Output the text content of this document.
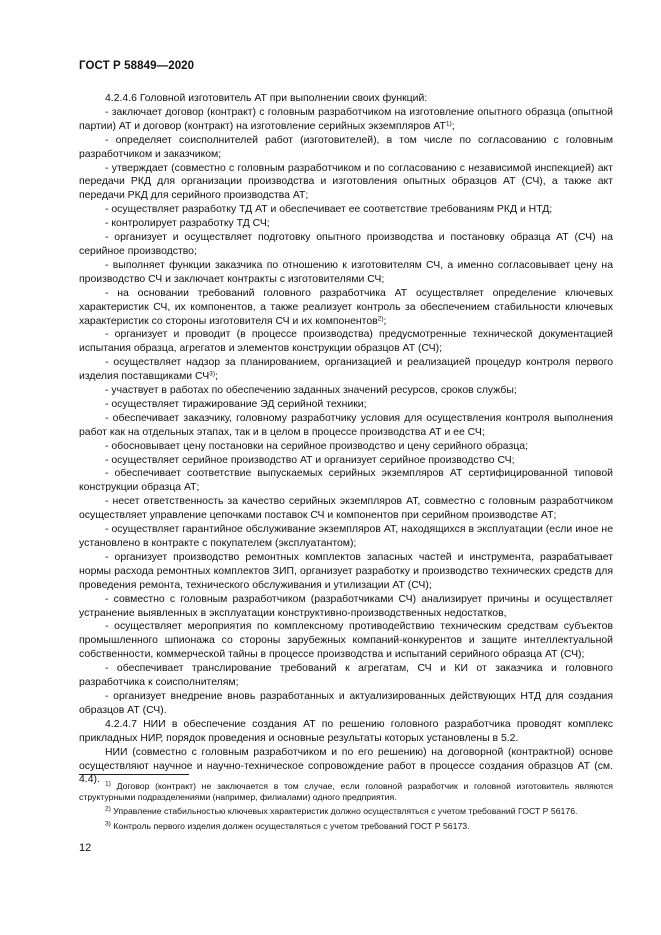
ГОСТ Р 58849—2020

4.2.4.6 Головной изготовитель АТ при выполнении своих функций:

- заключает договор (контракт) с головным разработчиком на изготовление опытного образца (опытной партии) АТ и договор (контракт) на изготовление серийных экземпляров АТ$^{1)}$;

- определяет соисполнителей работ (изготовителей), в том числе по согласованию с головным разработчиком и заказчиком;

- утверждает (совместно с головным разработчиком и по согласованию с независимой инспекцией) акт передачи РКД для организации производства и изготовления опытных образцов АТ (СЧ), а также акт передачи РКД для серийного производства АТ;

- осуществляет разработку ТД АТ и обеспечивает ее соответствие требованиям РКД и НТД;

- контролирует разработку ТД СЧ;

- организует и осуществляет подготовку опытного производства и постановку образца АТ (СЧ) на серийное производство;

- выполняет функции заказчика по отношению к изготовителям СЧ, а именно согласовывает цену на производство СЧ и заключает контракты с изготовителями СЧ;

- на основании требований головного разработчика АТ осуществляет определение ключевых характеристик СЧ, их компонентов, а также реализует контроль за обеспечением стабильности ключевых характеристик со стороны изготовителя СЧ и их компонентов$^{2)}$;

- организует и проводит (в процессе производства) предусмотренные технической документацией испытания образца, агрегатов и элементов конструкции образцов АТ (СЧ);

- осуществляет надзор за планированием, организацией и реализацией процедур контроля первого изделия поставщиками СЧ$^{3)}$;

- участвует в работах по обеспечению заданных значений ресурсов, сроков службы;

- осуществляет тиражирование ЭД серийной техники;

- обеспечивает заказчику, головному разработчику условия для осуществления контроля выполнения работ как на отдельных этапах, так и в целом в процессе производства АТ и ее СЧ;

- обосновывает цену постановки на серийное производство и цену серийного образца;

- осуществляет серийное производство АТ и организует серийное производство СЧ;

- обеспечивает соответствие выпускаемых серийных экземпляров АТ сертифицированной типовой конструкции образца АТ;

- несет ответственность за качество серийных экземпляров АТ, совместно с головным разработчиком осуществляет управление цепочками поставок СЧ и компонентов при серийном производстве АТ;

- осуществляет гарантийное обслуживание экземпляров АТ, находящихся в эксплуатации (если иное не установлено в контракте с покупателем (эксплуатантом);

- организует производство ремонтных комплектов запасных частей и инструмента, разрабатывает нормы расхода ремонтных комплектов ЗИП, организует разработку и производство технических средств для проведения ремонта, технического обслуживания и утилизации АТ (СЧ);

- совместно с головным разработчиком (разработчиками СЧ) анализирует причины и осуществляет устранение выявленных в эксплуатации конструктивно-производственных недостатков,

- осуществляет мероприятия по комплексному противодействию техническим средствам субъектов промышленного шпионажа со стороны зарубежных компаний-конкурентов и защите интеллектуальной собственности, коммерческой тайны в процессе производства и испытаний серийного образца АТ (СЧ);

- обеспечивает транслирование требований к агрегатам, СЧ и КИ от заказчика и головного разработчика к соисполнителям;

- организует внедрение вновь разработанных и актуализированных действующих НТД для создания образцов АТ (СЧ).

4.2.4.7 НИИ в обеспечение создания АТ по решению головного разработчика проводят комплекс прикладных НИР, порядок проведения и основные результаты которых установлены в 5.2.

НИИ (совместно с головным разработчиком и по его решению) на договорной (контрактной) основе осуществляют научное и научно-техническое сопровождение работ в процессе создания образцов АТ (см. 4.4). $^{1)}$ Договор (контракт) не заключается в том случае, если головной разработчик и головной изготовитель являются структурными подразделениями (например, филиалами) одного предприятия.

$^{2)}$ Управление стабильностью ключевых характеристик должно осуществляться с учетом требований ГОСТ Р 56176.

$^{3)}$ Контроль первого изделия должен осуществляться с учетом требований ГОСТ Р 56173.

12
